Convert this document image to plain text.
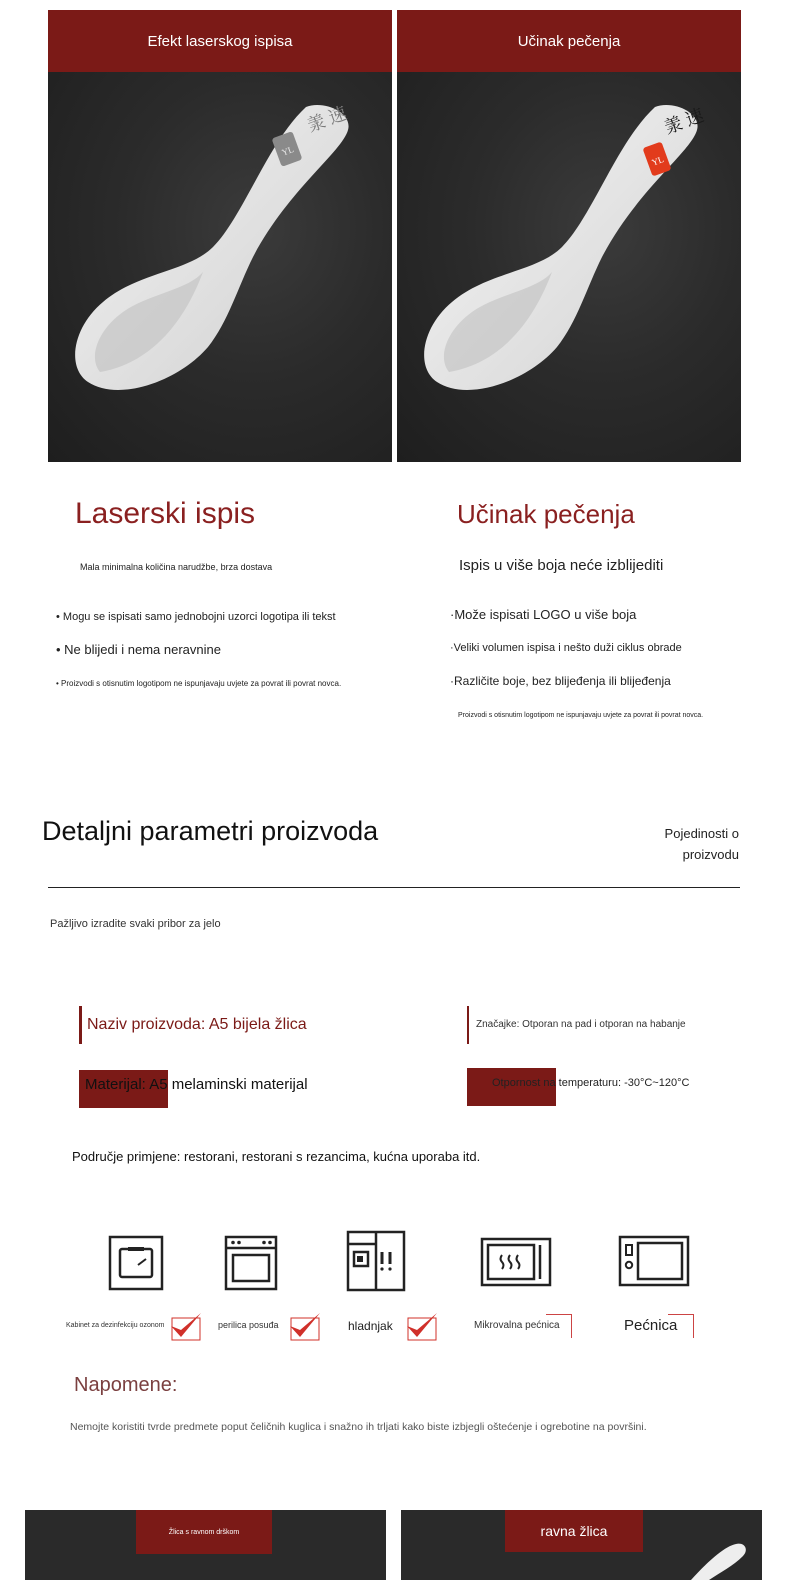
Efekt laserskog ispisa
YL
羕 速
Učinak pečenja
YL
羕 速
Laserski ispis
Mala minimalna količina narudžbe, brza dostava
• Mogu se ispisati samo jednobojni uzorci logotipa ili tekst
• Ne blijedi i nema neravnine
• Proizvodi s otisnutim logotipom ne ispunjavaju uvjete za povrat ili povrat novca.
Učinak pečenja
Ispis u više boja neće izblijediti
·Može ispisati LOGO u više boja
·Veliki volumen ispisa i nešto duži ciklus obrade
·Različite boje, bez blijeđenja ili blijeđenja
Proizvodi s otisnutim logotipom ne ispunjavaju uvjete za povrat ili povrat novca.
Detaljni parametri proizvoda	Pojedinosti o
proizvodu
Pažljivo izradite svaki pribor za jelo
Naziv proizvoda: A5 bijela žlica	Značajke: Otporan na pad i otporan na habanje
Materijal: A5 melaminski materijal	Otpornost na temperaturu: -30°C~120°C
Područje primjene: restorani, restorani s rezancima, kućna uporaba itd.
Kabinet za dezinfekciju ozonom	perilica posuđa	hladnjak	Mikrovalna pećnica	Pećnica
Napomene:
Nemojte koristiti tvrde predmete poput čeličnih kuglica i snažno ih trljati kako biste izbjegli oštećenje i ogrebotine na površini.
Žlica s ravnom drškom	ravna žlica
